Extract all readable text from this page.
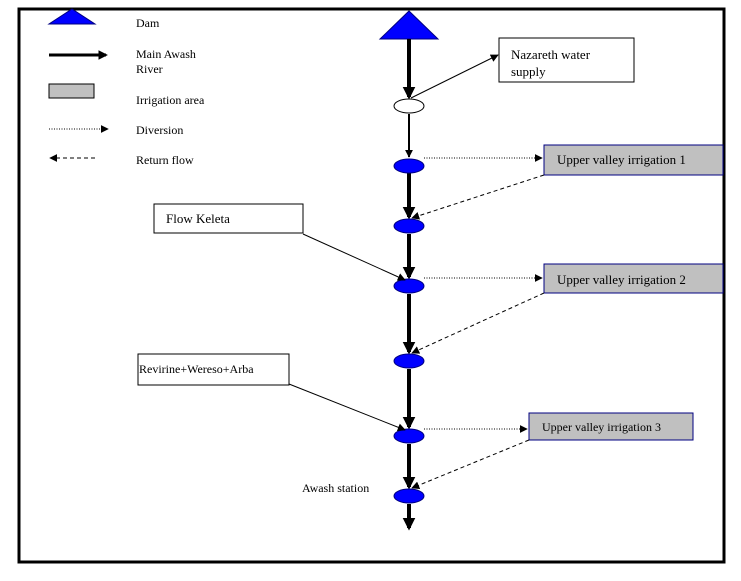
Dam
Main Awash
River
Irrigation area
Diversion
Return flow
Nazareth water
supply
Upper valley irrigation 1
Flow Keleta
Upper valley irrigation 2
Revirine+Wereso+Arba
Upper valley irrigation 3
Awash station
